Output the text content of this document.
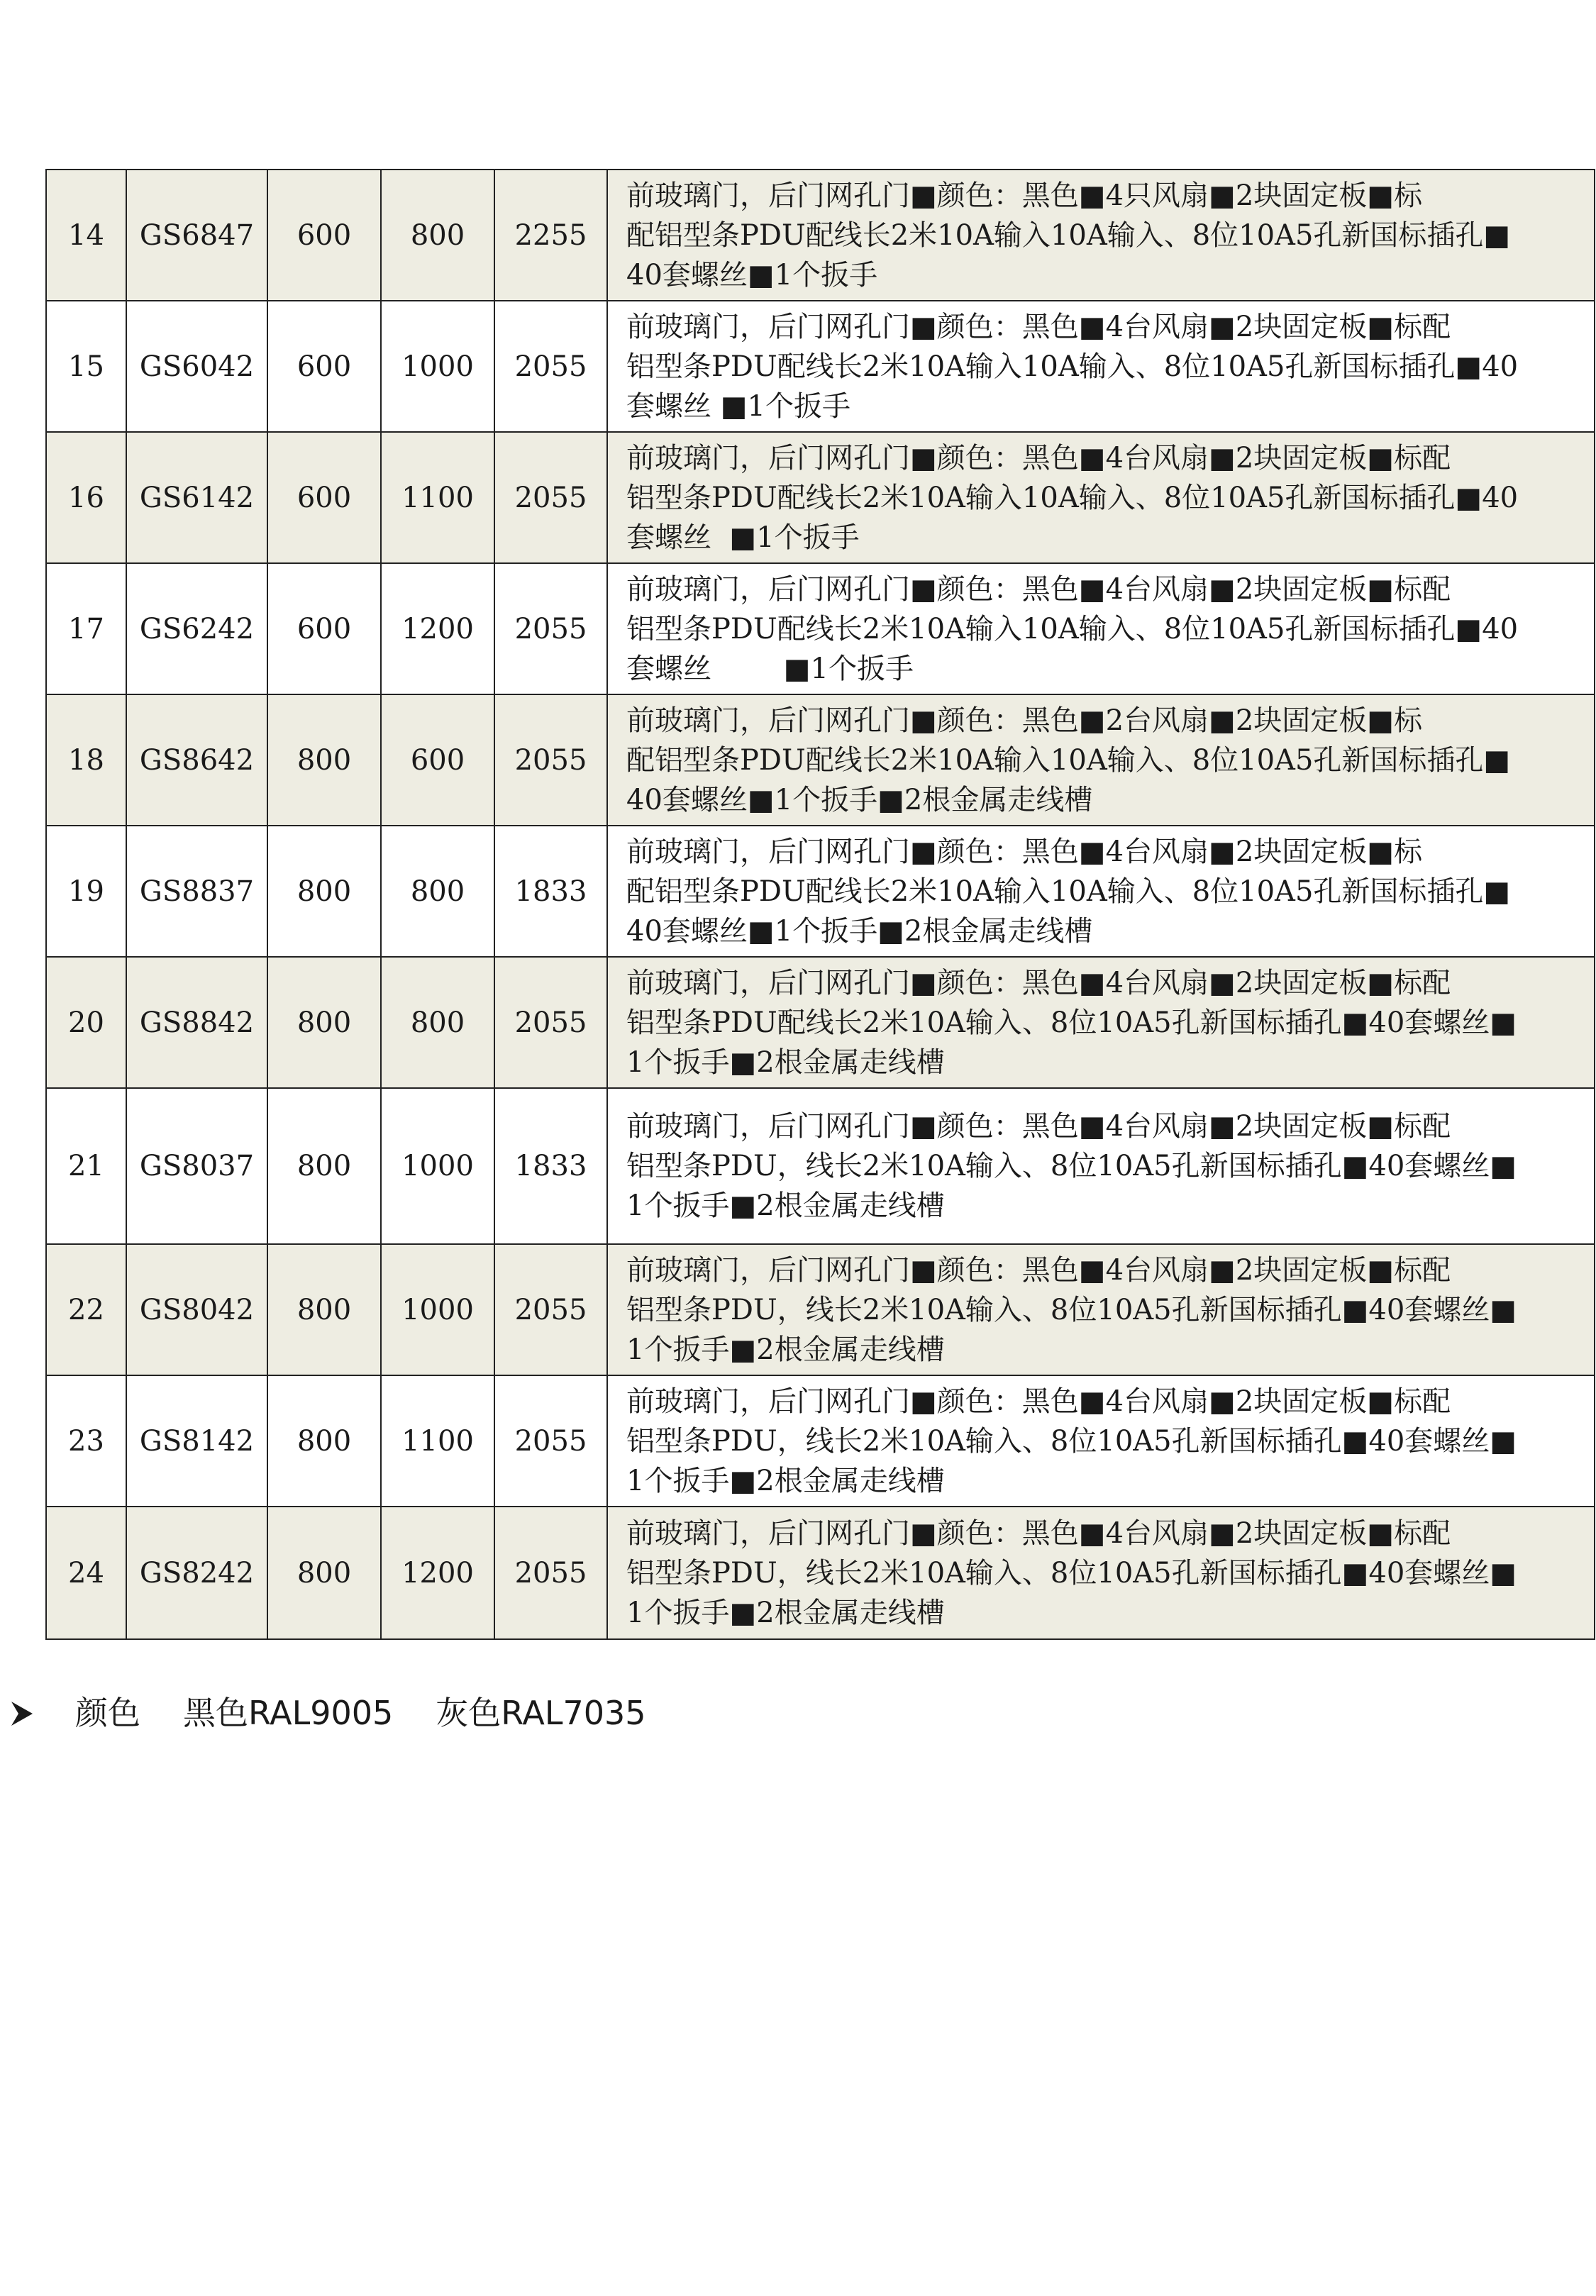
14	GS6847	600	800	2255	前玻璃门，后门网孔门■颜色：黑色■4只风扇■2块固定板■标
配铝型条PDU配线长2米10A输入10A输入、8位10A5孔新国标插孔■
40套螺丝■1个扳手

15	GS6042	600	1000	2055	前玻璃门，后门网孔门■颜色：黑色■4台风扇■2块固定板■标配
铝型条PDU配线长2米10A输入10A输入、8位10A5孔新国标插孔■40
套螺丝 ■1个扳手

16	GS6142	600	1100	2055	前玻璃门，后门网孔门■颜色：黑色■4台风扇■2块固定板■标配
铝型条PDU配线长2米10A输入10A输入、8位10A5孔新国标插孔■40
套螺丝  ■1个扳手

17	GS6242	600	1200	2055	前玻璃门，后门网孔门■颜色：黑色■4台风扇■2块固定板■标配
铝型条PDU配线长2米10A输入10A输入、8位10A5孔新国标插孔■40
套螺丝        ■1个扳手

18	GS8642	800	600	2055	前玻璃门，后门网孔门■颜色：黑色■2台风扇■2块固定板■标
配铝型条PDU配线长2米10A输入10A输入、8位10A5孔新国标插孔■
40套螺丝■1个扳手■2根金属走线槽

19	GS8837	800	800	1833	前玻璃门，后门网孔门■颜色：黑色■4台风扇■2块固定板■标
配铝型条PDU配线长2米10A输入10A输入、8位10A5孔新国标插孔■
40套螺丝■1个扳手■2根金属走线槽

20	GS8842	800	800	2055	前玻璃门，后门网孔门■颜色：黑色■4台风扇■2块固定板■标配
铝型条PDU配线长2米10A输入、8位10A5孔新国标插孔■40套螺丝■
1个扳手■2根金属走线槽

21	GS8037	800	1000	1833	前玻璃门，后门网孔门■颜色：黑色■4台风扇■2块固定板■标配
铝型条PDU，线长2米10A输入、8位10A5孔新国标插孔■40套螺丝■
1个扳手■2根金属走线槽

22	GS8042	800	1000	2055	前玻璃门，后门网孔门■颜色：黑色■4台风扇■2块固定板■标配
铝型条PDU，线长2米10A输入、8位10A5孔新国标插孔■40套螺丝■
1个扳手■2根金属走线槽

23	GS8142	800	1100	2055	前玻璃门，后门网孔门■颜色：黑色■4台风扇■2块固定板■标配
铝型条PDU，线长2米10A输入、8位10A5孔新国标插孔■40套螺丝■
1个扳手■2根金属走线槽

24	GS8242	800	1200	2055	前玻璃门，后门网孔门■颜色：黑色■4台风扇■2块固定板■标配
铝型条PDU，线长2米10A输入、8位10A5孔新国标插孔■40套螺丝■
1个扳手■2根金属走线槽
颜色 黑色RAL9005 灰色RAL7035
